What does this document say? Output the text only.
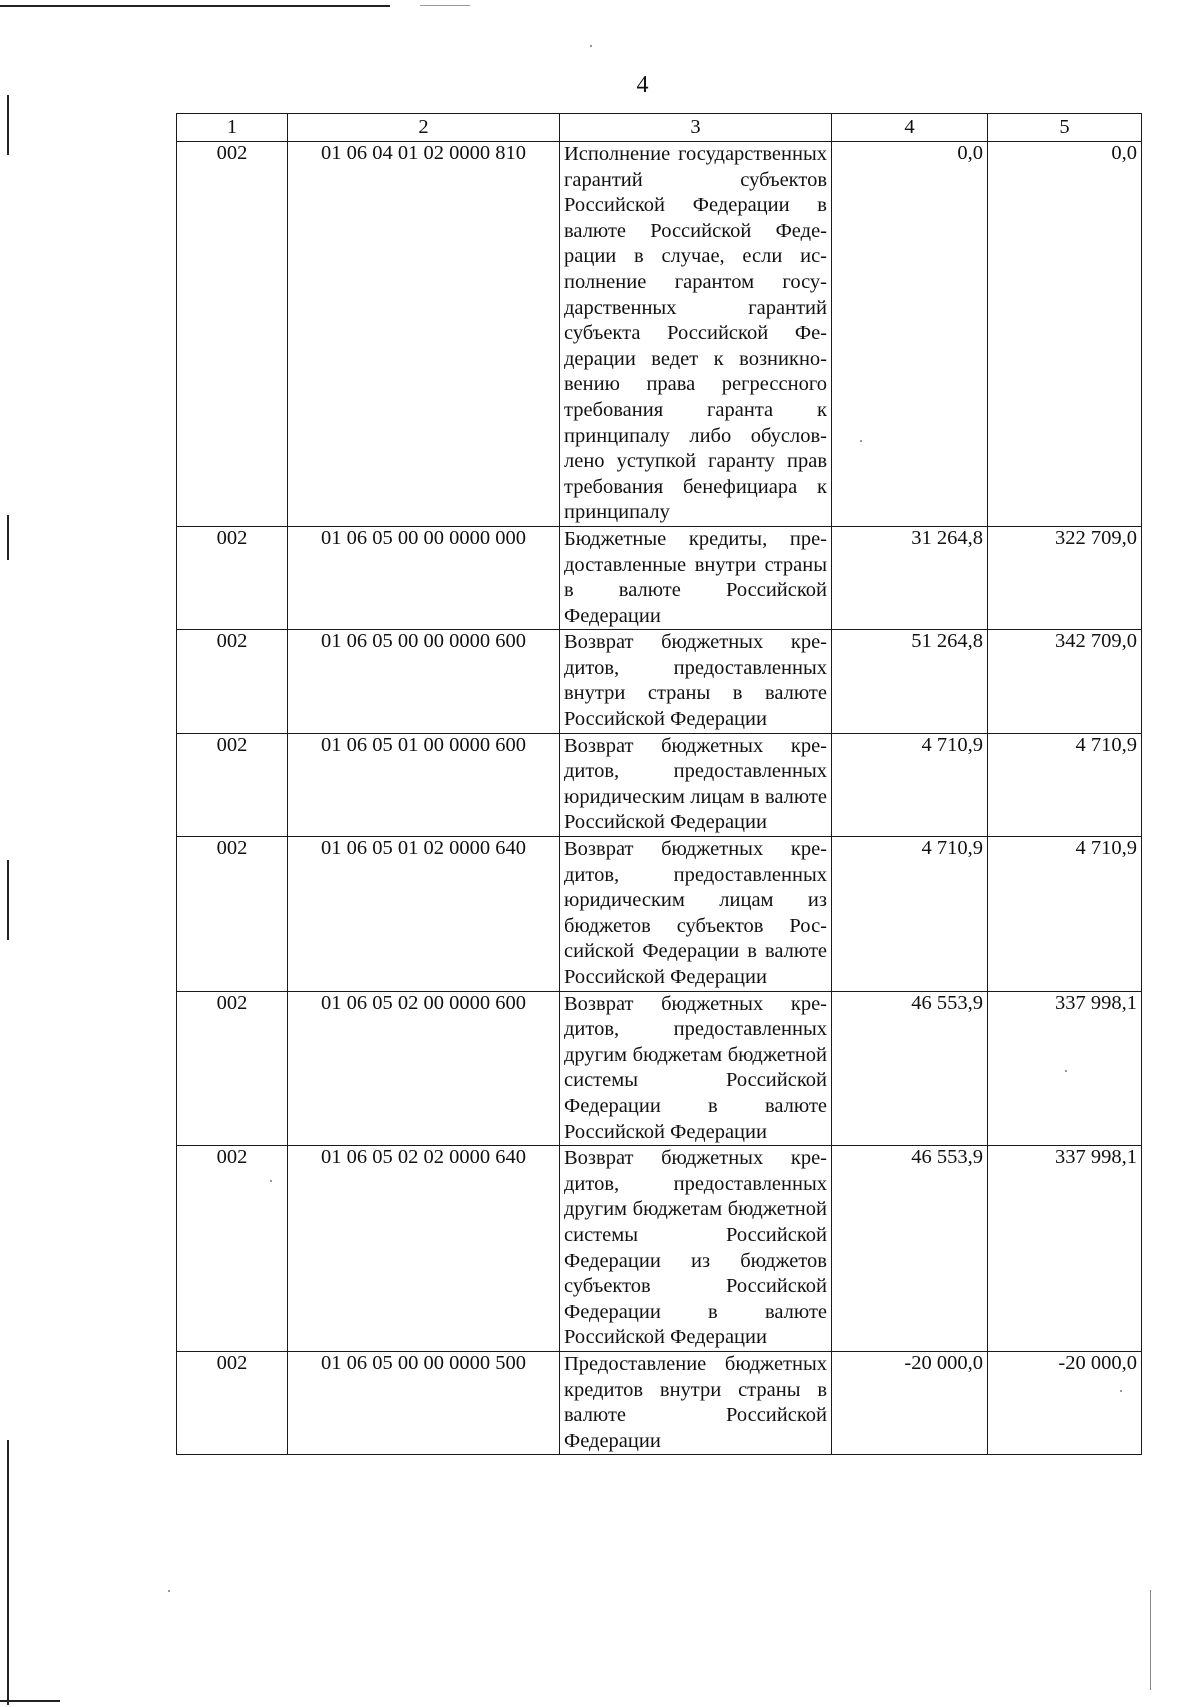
4
1	2	3	4	5
002	01 06 04 01 02 0000 810	Исполнение государственных гарантий субъектов Российской Федерации в валюте Российской Федерации в случае, если исполнение гарантом государственных гарантий субъекта Российской Федерации ведет к возникновению права регрессного требования гаранта к принципалу либо обусловлено уступкой гаранту прав требования бенефициара к принципалу	0,0	0,0
002	01 06 05 00 00 0000 000	Бюджетные кредиты, предоставленные внутри страны в валюте Российской Федерации	31 264,8	322 709,0
002	01 06 05 00 00 0000 600	Возврат бюджетных кредитов, предоставленных внутри страны в валюте Российской Федерации	51 264,8	342 709,0
002	01 06 05 01 00 0000 600	Возврат бюджетных кредитов, предоставленных юридическим лицам в валюте Российской Федерации	4 710,9	4 710,9
002	01 06 05 01 02 0000 640	Возврат бюджетных кредитов, предоставленных юридическим лицам из бюджетов субъектов Российской Федерации в валюте Российской Федерации	4 710,9	4 710,9
002	01 06 05 02 00 0000 600	Возврат бюджетных кредитов, предоставленных другим бюджетам бюджетной системы Российской Федерации в валюте Российской Федерации	46 553,9	337 998,1
002	01 06 05 02 02 0000 640	Возврат бюджетных кредитов, предоставленных другим бюджетам бюджетной системы Российской Федерации из бюджетов субъектов Российской Федерации в валюте Российской Федерации	46 553,9	337 998,1
002	01 06 05 00 00 0000 500	Предоставление бюджетных кредитов внутри страны в валюте Российской Федерации	-20 000,0	-20 000,0
